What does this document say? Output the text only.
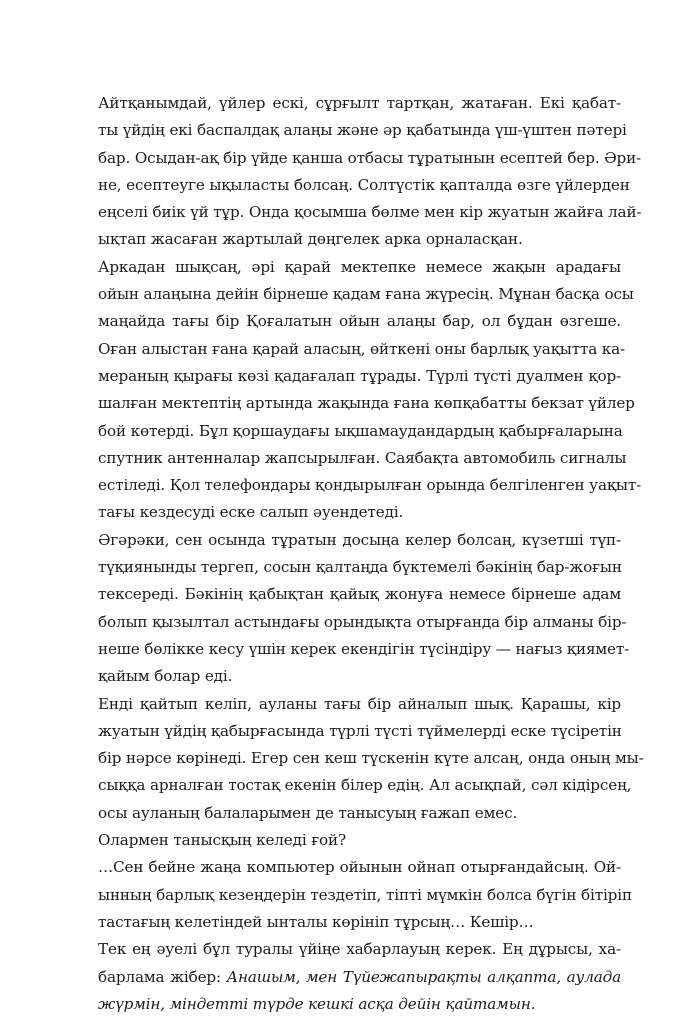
Айтқанымдай, үйлер ескі, сұрғылт тартқан, жатаған. Екі қабат-
ты үйдің екі баспалдақ алаңы және әр қабатында үш-үштен пәтері
бар. Осыдан-ақ бір үйде қанша отбасы тұратынын есептей бер. Әри-
не, есептеуге ықыласты болсаң. Солтүстік қапталда өзге үйлерден
еңселі биік үй тұр. Онда қосымша бөлме мен кір жуатын жайға лай-
ықтап жасаған жартылай дөңгелек арка орналасқан.

Аркадан шықсаң, әрі қарай мектепке немесе жақын арадағы
ойын алаңына дейін бірнеше қадам ғана жүресің. Мұнан басқа осы
маңайда тағы бір Қоғалатын ойын алаңы бар, ол бұдан өзгеше.
Оған алыстан ғана қарай аласың, өйткені оны барлық уақытта ка-
мераның қырағы көзі қадағалап тұрады. Түрлі түсті дуалмен қор-
шалған мектептің артында жақында ғана көпқабатты бекзат үйлер
бой көтерді. Бұл қоршаудағы ықшамаудандардың қабырғаларына
спутник антенналар жапсырылған. Саябақта автомобиль сигналы
естіледі. Қол телефондары қондырылған орында белгіленген уақыт-
тағы кездесуді еске салып әуендетеді.

Әгәрәки, сен осында тұратын досыңа келер болсаң, күзетші түп-
түқиянынды тергеп, сосын қалтаңда бүктемелі бәкінің бар-жоғын
тексереді. Бәкінің қабықтан қайық жонуға немесе бірнеше адам
болып қызылтал астындағы орындықта отырғанда бір алманы бір-
неше бөлікке кесу үшін керек екендігін түсіндіру — нағыз қиямет-
қайым болар еді.

Енді қайтып келіп, ауланы тағы бір айналып шық. Қарашы, кір
жуатын үйдің қабырғасында түрлі түсті түймелерді еске түсіретін
бір нәрсе көрінеді. Егер сен кеш түскенін күте алсаң, онда оның мы-
сыққа арналған тостақ екенін білер едің. Ал асықпай, сәл кідірсең,
осы ауланың балаларымен де танысуың ғажап емес.

Олармен танысқың келеді ғой?

…Сен бейне жаңа компьютер ойынын ойнап отырғандайсың. Ой-
ынның барлық кезеңдерін тездетіп, тіпті мүмкін болса бүгін бітіріп
тастағың келетіндей ынталы көрініп тұрсың… Кешір…

Тек ең әуелі бұл туралы үйіңе хабарлауың керек. Ең дұрысы, ха-
барлама жібер: Анашым, мен Түйежапырақты алқапта, аулада
жүрмін, міндетті түрде кешкі асқа дейін қайтамын.
